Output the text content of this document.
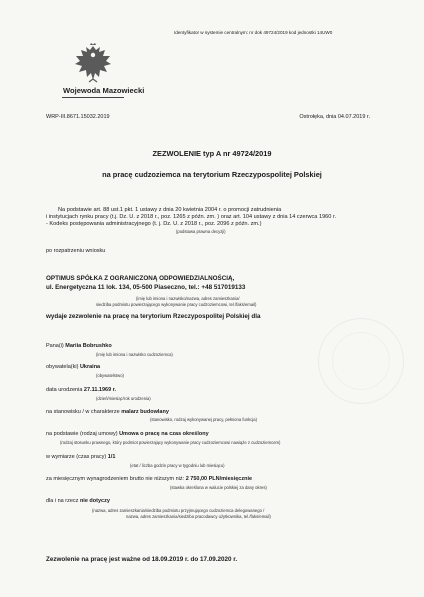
Identyfikator w systemie centralnym: nr dok 49724/2019 kod jednostki 14UW0
Wojewoda Mazowiecki
WRP-III.8671.15032.2019	Ostrołęka, dnia 04.07.2019 r.
ZEZWOLENIE typ A nr 49724/2019
na pracę cudzoziemca na terytorium Rzeczypospolitej Polskiej
Na podstawie art. 88 ust.1 pkt. 1 ustawy z dnia 20 kwietnia 2004 r. o promocji zatrudnienia
i instytucjach rynku pracy (t.j. Dz. U. z 2018 r., poz. 1265 z późn. zm. ) oraz art. 104 ustawy z dnia 14 czerwca 1960 r.
- Kodeks postępowania administracyjnego (t. j. Dz. U. z 2018 r., poz. 2096 z późn. zm.)
(podstawa prawna decyzji)
po rozpatrzeniu wniosku
OPTIMUS SPÓŁKA Z OGRANICZONĄ ODPOWIEDZIALNOŚCIĄ,
ul. Energetyczna 11 lok. 134, 05-500 Piaseczno, tel.: +48 517019133
(imię lub imiona i nazwisko/nazwa, adres zamieszkania/
siedziba podmiotu powierzającego wykonywanie pracy cudzoziemcowi, tel./faks/email)
wydaje zezwolenie na pracę na terytorium Rzeczypospolitej Polskiej dla
Pana(i) Mariia Bobrushko
(imię lub imiona i nazwisko cudzoziemca)
obywatela(ki) Ukraina
(obywatelstwo)
data urodzenia 27.11.1969 r.
(dzień/miesiąc/rok urodzenia)
na stanowisku / w charakterze malarz budowlany
(stanowisko, rodzaj wykonywanej pracy, pełniona funkcja)
na podstawie (rodzaj umowy) Umowa o pracę na czas określony
(rodzaj stosunku prawnego, który podmiot powierzający wykonywanie pracy cudzoziemcowi nawiąże z cudzoziemcem)
w wymiarze (czas pracy) 1/1
(etat / liczba godzin pracy w tygodniu lub miesiącu)
za miesięcznym wynagrodzeniem brutto nie niższym niż: 2 750,00 PLN/miesięcznie
(stawka określona w walucie polskiej za dany okres)
dla i na rzecz nie dotyczy
(nazwa, adres zamieszkania/siedziba podmiotu przyjmującego cudzoziemca delegowanego /
nazwa, adres zamieszkania/siedziba pracodawcy użytkownika, tel./faks/email)
Zezwolenie na pracę jest ważne od 18.09.2019 r. do 17.09.2020 r.
